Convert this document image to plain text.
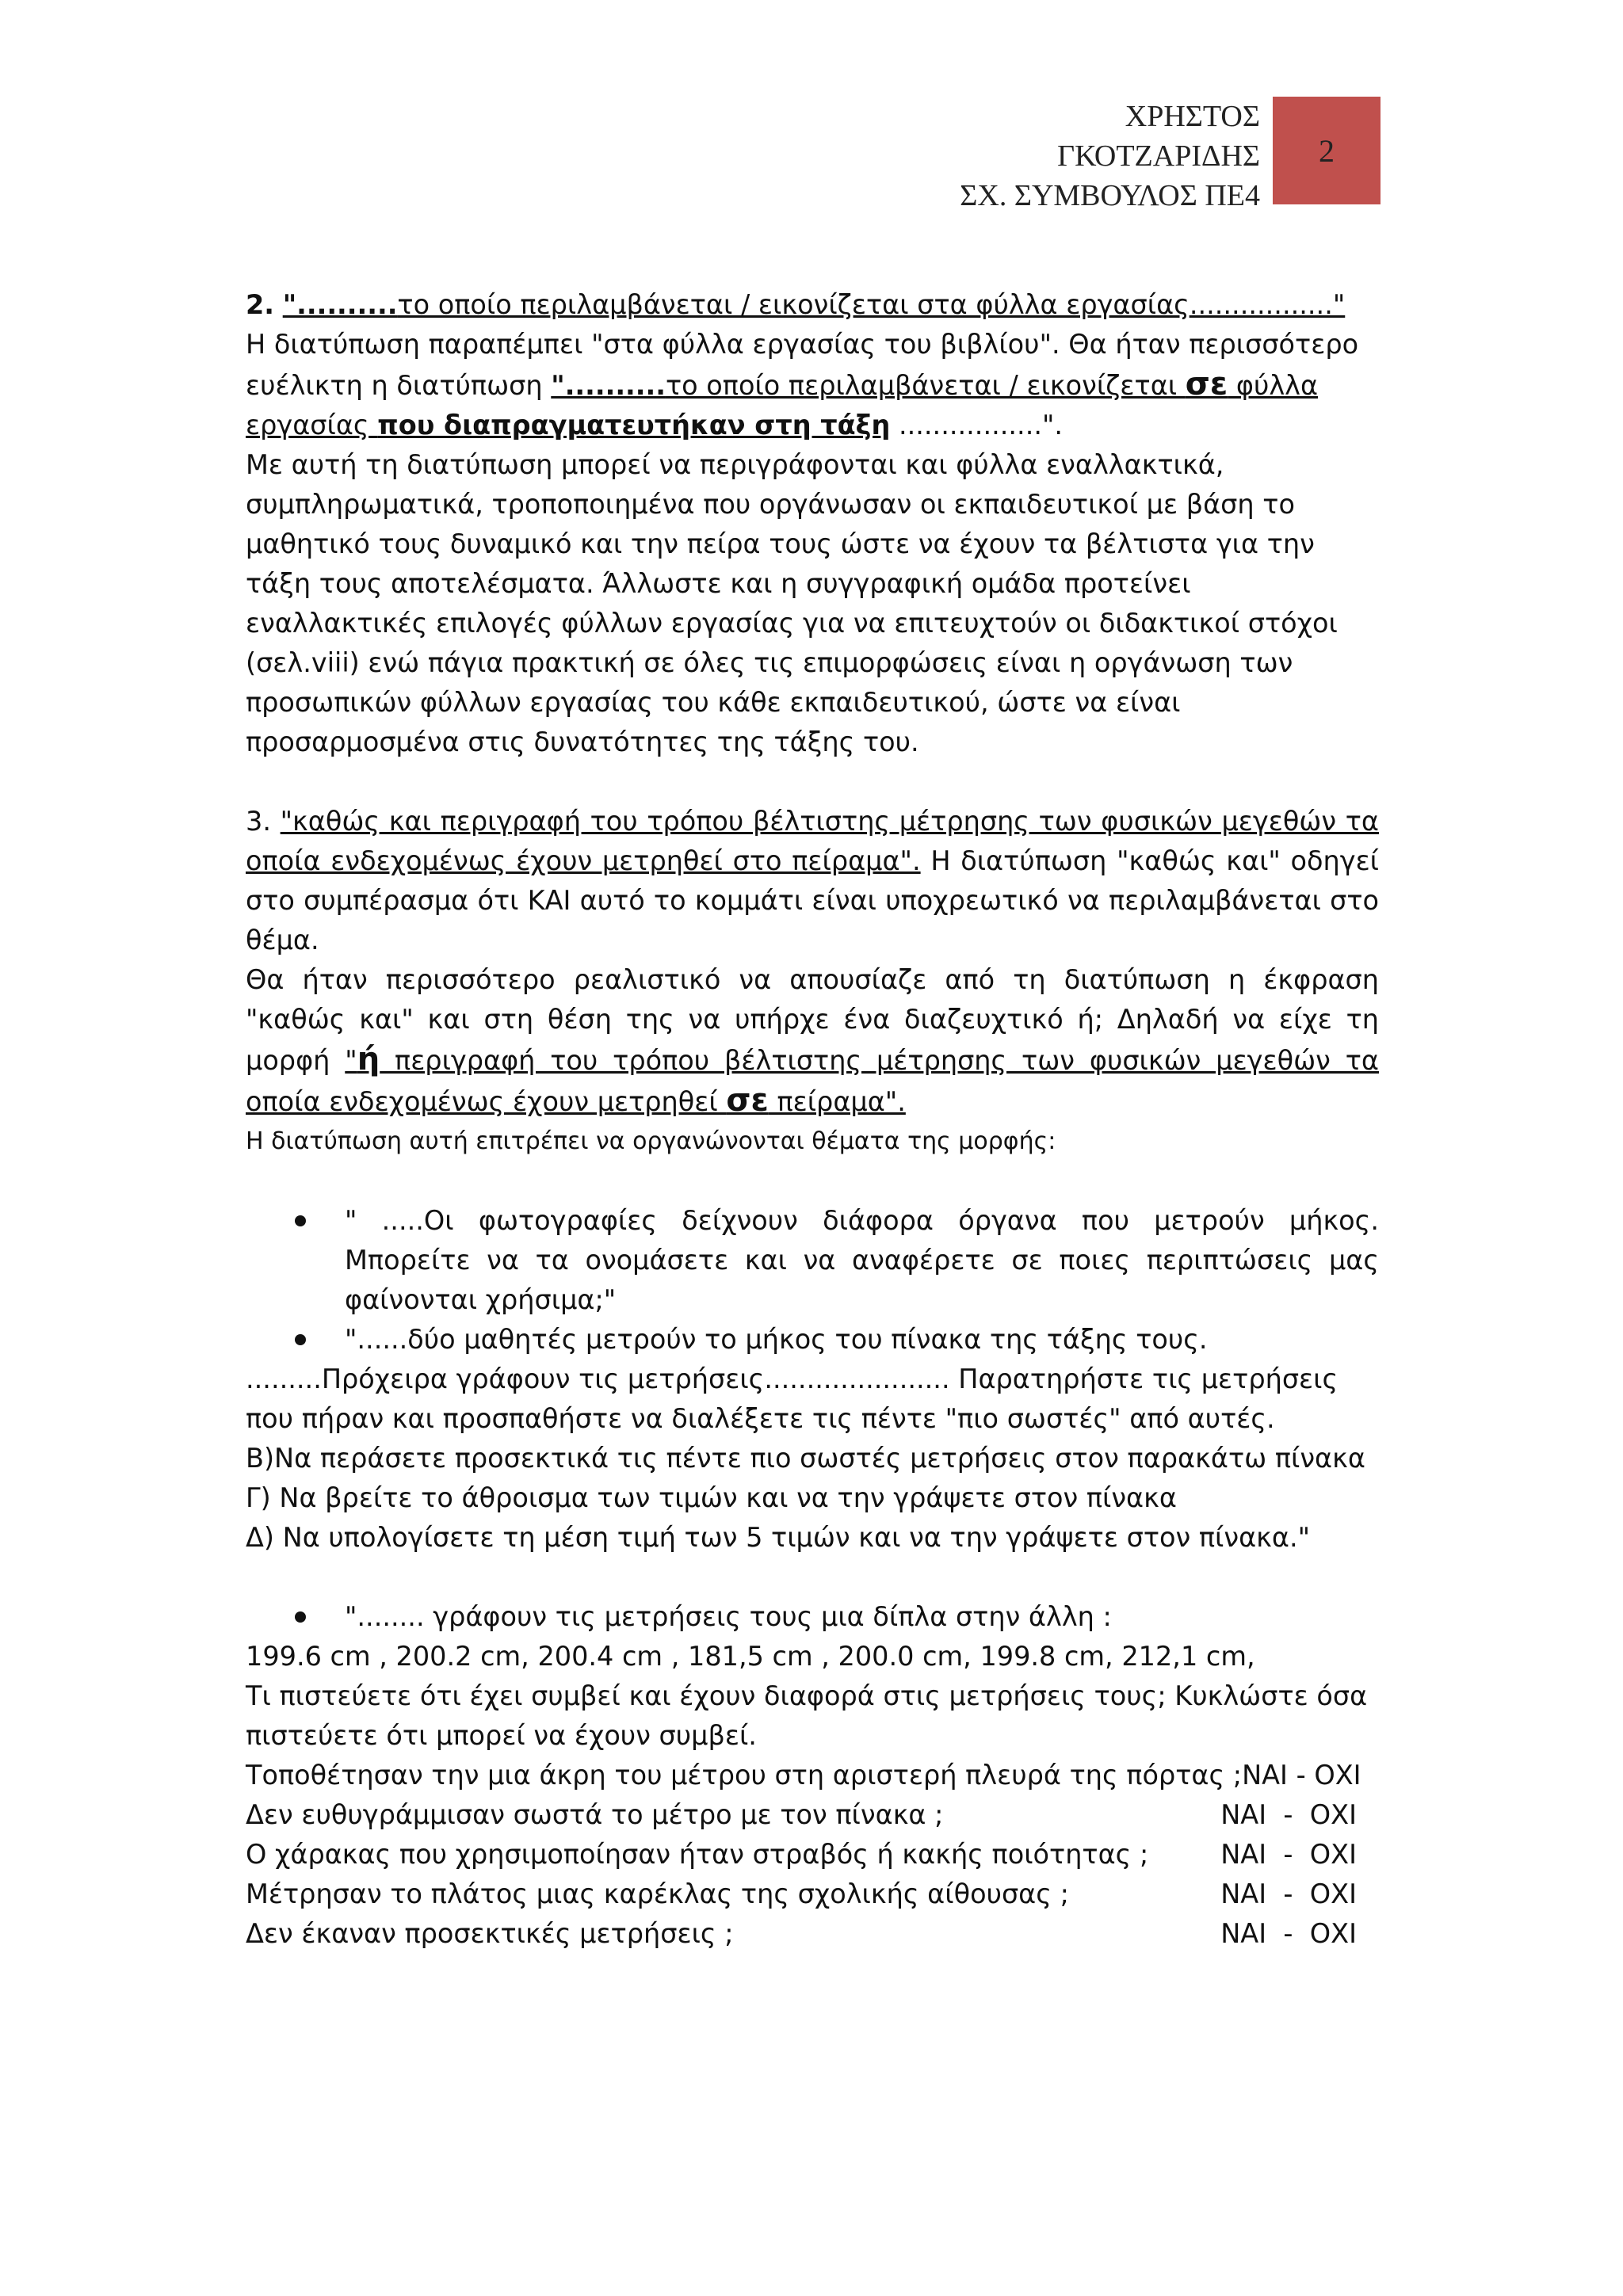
ΧΡΗΣΤΟΣ
ΓΚΟΤΖΑΡΙΔΗΣ
ΣΧ. ΣΥΜΒΟΥΛΟΣ ΠΕ4
2

2. "..........το οποίο περιλαμβάνεται / εικονίζεται στα φύλλα εργασίας................."

Η διατύπωση παραπέμπει "στα φύλλα εργασίας του βιβλίου". Θα ήταν περισσότερο ευέλικτη η διατύπωση "..........το οποίο περιλαμβάνεται / εικονίζεται σε φύλλα εργασίας που διαπραγματευτήκαν στη τάξη .................".

Με αυτή τη διατύπωση μπορεί να περιγράφονται και φύλλα εναλλακτικά, συμπληρωματικά, τροποποιημένα που οργάνωσαν οι εκπαιδευτικοί με βάση το μαθητικό τους δυναμικό και την πείρα τους ώστε να έχουν τα βέλτιστα για την τάξη τους αποτελέσματα. Άλλωστε και η συγγραφική ομάδα προτείνει εναλλακτικές επιλογές φύλλων εργασίας για να επιτευχτούν οι διδακτικοί στόχοι (σελ.viii) ενώ πάγια πρακτική σε όλες τις επιμορφώσεις είναι η οργάνωση των προσωπικών φύλλων εργασίας του κάθε εκπαιδευτικού, ώστε να είναι προσαρμοσμένα στις δυνατότητες της τάξης του.

3. "καθώς και περιγραφή του τρόπου βέλτιστης μέτρησης των φυσικών μεγεθών τα οποία ενδεχομένως έχουν μετρηθεί στο πείραμα". Η διατύπωση "καθώς και" οδηγεί στο συμπέρασμα ότι ΚΑΙ αυτό το κομμάτι είναι υποχρεωτικό να περιλαμβάνεται στο θέμα.

Θα ήταν περισσότερο ρεαλιστικό να απουσίαζε από τη διατύπωση η έκφραση "καθώς και" και στη θέση της να υπήρχε ένα διαζευχτικό ή; Δηλαδή να είχε τη μορφή "ή περιγραφή του τρόπου βέλτιστης μέτρησης των φυσικών μεγεθών τα οποία ενδεχομένως έχουν μετρηθεί σε πείραμα".

Η διατύπωση αυτή επιτρέπει να οργανώνονται θέματα της μορφής:

" .....Οι φωτογραφίες δείχνουν διάφορα όργανα που μετρούν μήκος. Μπορείτε να τα ονομάσετε και να αναφέρετε σε ποιες περιπτώσεις μας φαίνονται χρήσιμα;"
"......δύο μαθητές μετρούν το μήκος του πίνακα της τάξης τους.

.........Πρόχειρα γράφουν τις μετρήσεις...................... Παρατηρήστε τις μετρήσεις που πήραν και προσπαθήστε να διαλέξετε τις πέντε "πιο σωστές" από αυτές.

Β)Να περάσετε προσεκτικά τις πέντε πιο σωστές μετρήσεις στον παρακάτω πίνακα

Γ) Να βρείτε το άθροισμα των τιμών και να την γράψετε στον πίνακα

Δ) Να υπολογίσετε τη μέση τιμή των 5 τιμών και να την γράψετε στον πίνακα."

"........ γράφουν τις μετρήσεις τους μια δίπλα στην άλλη :

199.6 cm , 200.2 cm, 200.4 cm , 181,5 cm , 200.0 cm, 199.8 cm, 212,1 cm,

Τι πιστεύετε ότι έχει συμβεί και έχουν διαφορά στις μετρήσεις τους; Κυκλώστε όσα πιστεύετε ότι μπορεί να έχουν συμβεί.

Τοποθέτησαν την μια άκρη του μέτρου στη αριστερή πλευρά της πόρτας ;ΝΑΙ - ΟΧΙ

Δεν ευθυγράμμισαν σωστά το μέτρο με τον πίνακα ;	ΝΑΙ  -  ΟΧΙ
Ο χάρακας που χρησιμοποίησαν ήταν στραβός ή κακής ποιότητας ;	ΝΑΙ  -  ΟΧΙ
Μέτρησαν το πλάτος μιας καρέκλας της σχολικής αίθουσας ;	ΝΑΙ  -  ΟΧΙ
Δεν έκαναν προσεκτικές μετρήσεις ;	ΝΑΙ  -  ΟΧΙ
